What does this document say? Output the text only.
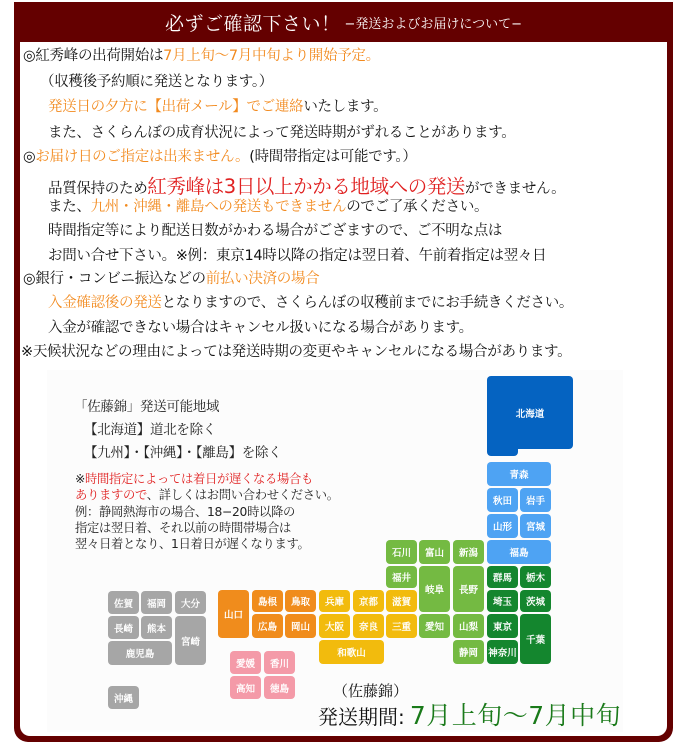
必ずご確認下さい！ −発送およびお届けについて−
◎紅秀峰の出荷開始は7月上旬〜7月中旬より開始予定。
（収穫後予約順に発送となります。）
発送日の夕方に【出荷メール】でご連絡いたします。
また、さくらんぼの成育状況によって発送時期がずれることがあります。
◎お届け日のご指定は出来ません。(時間帯指定は可能です。）
品質保持のため紅秀峰は3日以上かかる地域への発送ができません。
また、九州・沖縄・離島への発送もできませんのでご了承ください。
時間指定等により配送日数がかわる場合がござますので、ご不明な点は
お問い合せ下さい。※例：東京14時以降の指定は翌日着、午前着指定は翌々日
◎銀行・コンビニ振込などの前払い決済の場合
入金確認後の発送となりますので、さくらんぼの収穫前までにお手続きください。
入金が確認できない場合はキャンセル扱いになる場合があります。
※天候状況などの理由によっては発送時期の変更やキャンセルになる場合があります。
「佐藤錦」発送可能地域
【北海道】道北を除く
【九州】・【沖縄】・【離島】を除く
※時間指定によっては着日が遅くなる場合も
ありますので、詳しくはお問い合わせください。
例：静岡熱海市の場合、18−20時以降の
指定は翌日着、それ以前の時間帯場合は
翌々日着となり、1日着日が遅くなります。
北海道
青森
秋田 岩手
山形 宮城
福島
石川 富山 新潟
福井
岐阜 長野
愛知 山梨
静岡
群馬 栃木
埼玉 茨城
東京
千葉
神奈川
滋賀
三重
兵庫 京都
大阪 奈良
和歌山
山口
島根 鳥取
広島 岡山
愛媛 香川
高知 徳島
佐賀 福岡 大分
長崎 熊本
宮崎
鹿児島
沖縄	（佐藤錦）
発送期間: 7月上旬〜7月中旬
